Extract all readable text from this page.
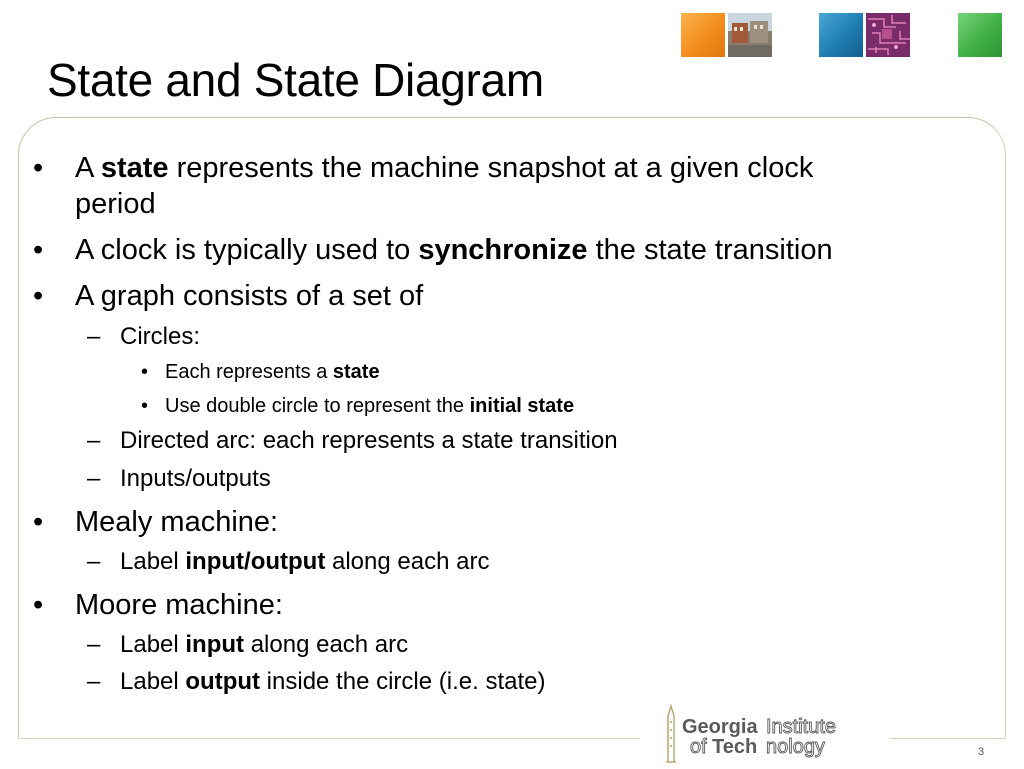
State and State Diagram
• A state represents the machine snapshot at a given clock
period
• A clock is typically used to synchronize the state transition
• A graph consists of a set of
– Circles:
• Each represents a state
• Use double circle to represent the initial state
– Directed arc: each represents a state transition
– Inputs/outputs
• Mealy machine:
– Label input/output along each arc
• Moore machine:
– Label input along each arc
– Label output inside the circle (i.e. state)
Georgia Institute
of Tech nology	3
